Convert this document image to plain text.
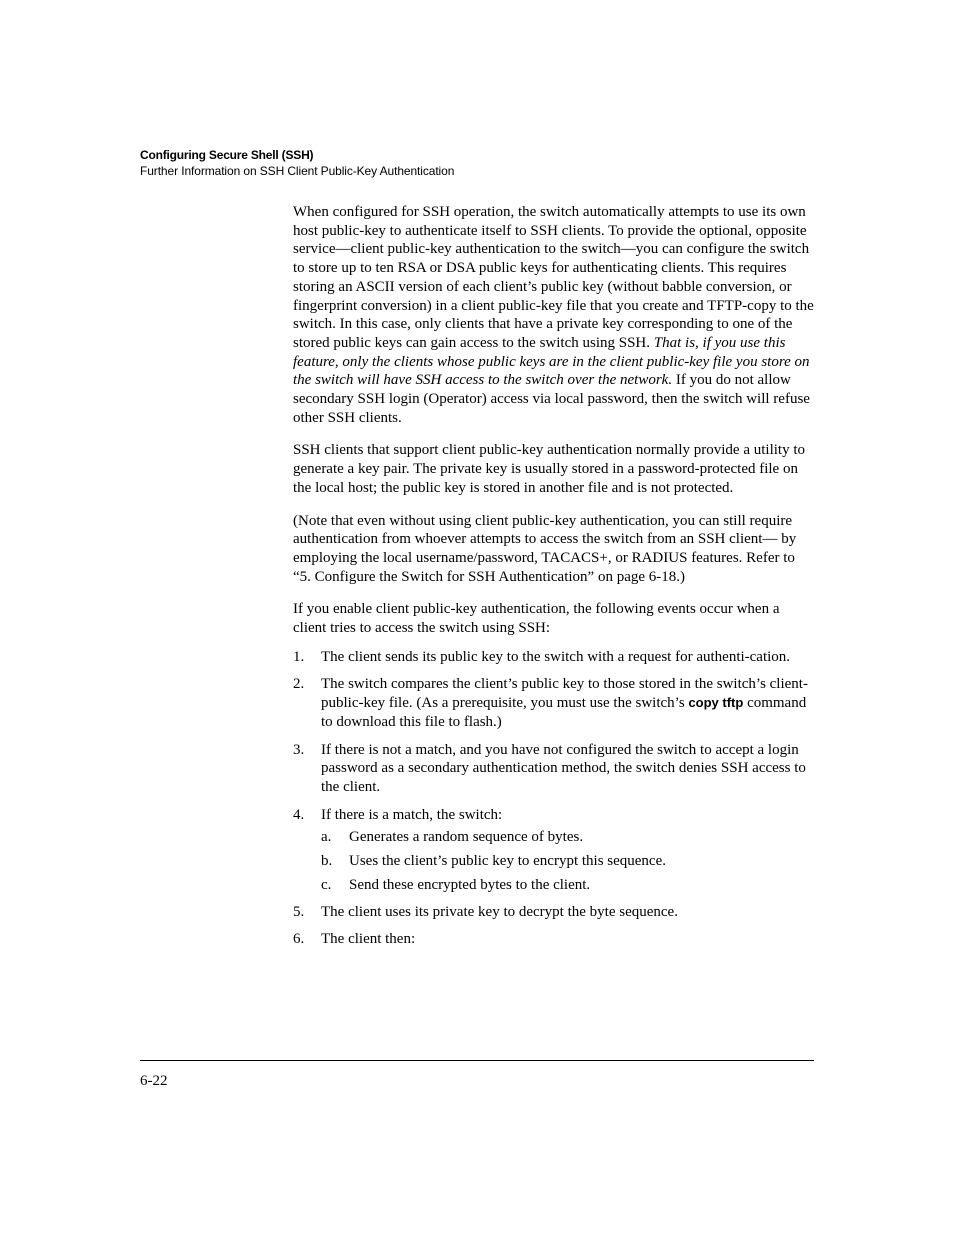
Configuring Secure Shell (SSH)
Further Information on SSH Client Public-Key Authentication

When configured for SSH operation, the switch automatically attempts to use its own host public-key to authenticate itself to SSH clients. To provide the optional, opposite service—client public-key authentication to the switch—you can configure the switch to store up to ten RSA or DSA public keys for authenticating clients. This requires storing an ASCII version of each client’s public key (without babble conversion, or fingerprint conversion) in a client public-key file that you create and TFTP-copy to the switch. In this case, only clients that have a private key corresponding to one of the stored public keys can gain access to the switch using SSH. That is, if you use this feature, only the clients whose public keys are in the client public-key file you store on the switch will have SSH access to the switch over the network. If you do not allow secondary SSH login (Operator) access via local password, then the switch will refuse other SSH clients.

SSH clients that support client public-key authentication normally provide a utility to generate a key pair. The private key is usually stored in a password-protected file on the local host; the public key is stored in another file and is not protected.

(Note that even without using client public-key authentication, you can still require authentication from whoever attempts to access the switch from an SSH client— by employing the local username/password, TACACS+, or RADIUS features. Refer to “5. Configure the Switch for SSH Authentication” on page 6-18.)

If you enable client public-key authentication, the following events occur when a client tries to access the switch using SSH:

1.	The client sends its public key to the switch with a request for authenti-cation.
2.	The switch compares the client’s public key to those stored in the switch’s client-public-key file. (As a prerequisite, you must use the switch’s copy tftp command to download this file to flash.)
3.	If there is not a match, and you have not configured the switch to accept a login password as a secondary authentication method, the switch denies SSH access to the client.
4.	If there is a match, the switch:
a.	Generates a random sequence of bytes.
b.	Uses the client’s public key to encrypt this sequence.
c.	Send these encrypted bytes to the client.
5.	The client uses its private key to decrypt the byte sequence.
6.	The client then:
6-22
